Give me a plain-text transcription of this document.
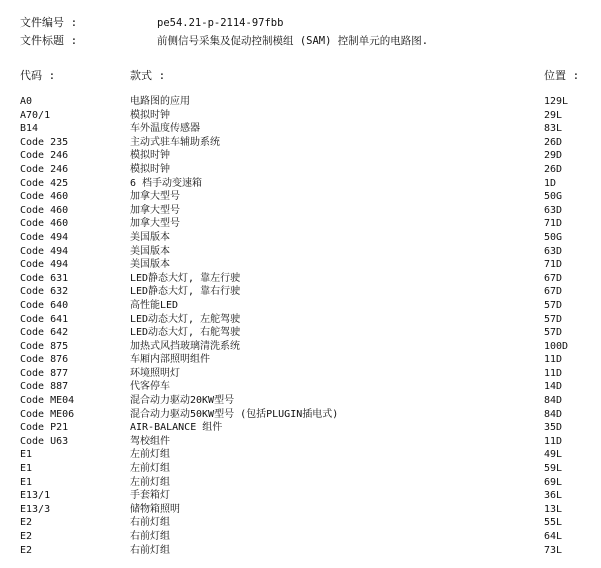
文件编号 :	pe54.21-p-2114-97fbb
文件标题 :	前侧信号采集及促动控制模组 (SAM) 控制单元的电路图.
代码 :	款式 :	位置 :
A0	电路图的应用	129L
A70/1	模拟时钟	29L
B14	车外温度传感器	83L
Code 235	主动式驻车辅助系统	26D
Code 246	模拟时钟	29D
Code 246	模拟时钟	26D
Code 425	6 档手动变速箱	1D
Code 460	加拿大型号	50G
Code 460	加拿大型号	63D
Code 460	加拿大型号	71D
Code 494	美国版本	50G
Code 494	美国版本	63D
Code 494	美国版本	71D
Code 631	LED静态大灯, 靠左行驶	67D
Code 632	LED静态大灯, 靠右行驶	67D
Code 640	高性能LED	57D
Code 641	LED动态大灯, 左舵驾驶	57D
Code 642	LED动态大灯, 右舵驾驶	57D
Code 875	加热式风挡玻璃清洗系统	100D
Code 876	车厢内部照明组件	11D
Code 877	环境照明灯	11D
Code 887	代客停车	14D
Code ME04	混合动力驱动20KW型号	84D
Code ME06	混合动力驱动50KW型号 (包括PLUGIN插电式)	84D
Code P21	AIR-BALANCE 组件	35D
Code U63	驾校组件	11D
E1	左前灯组	49L
E1	左前灯组	59L
E1	左前灯组	69L
E13/1	手套箱灯	36L
E13/3	储物箱照明	13L
E2	右前灯组	55L
E2	右前灯组	64L
E2	右前灯组	73L
